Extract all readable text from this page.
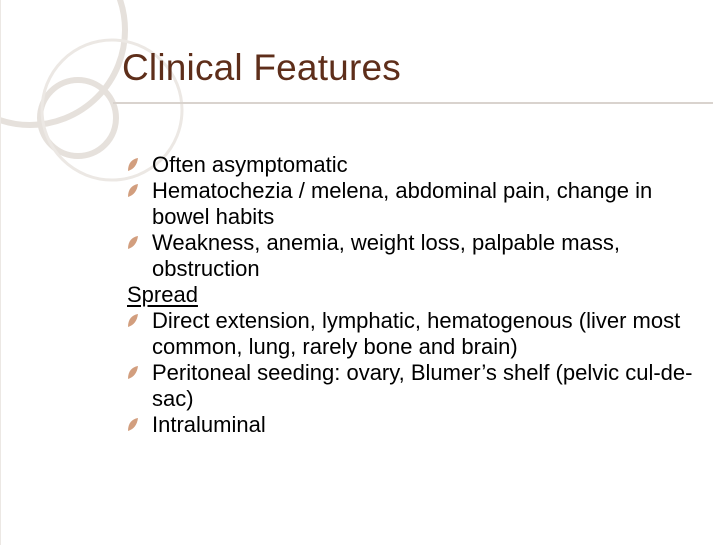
Clinical Features
Often asymptomatic
Hematochezia / melena, abdominal pain, change in bowel habits
Weakness, anemia, weight loss, palpable mass, obstruction
Spread
Direct extension, lymphatic, hematogenous (liver most common, lung, rarely bone and brain)
Peritoneal seeding: ovary, Blumer’s shelf (pelvic cul-de-sac)
Intraluminal
